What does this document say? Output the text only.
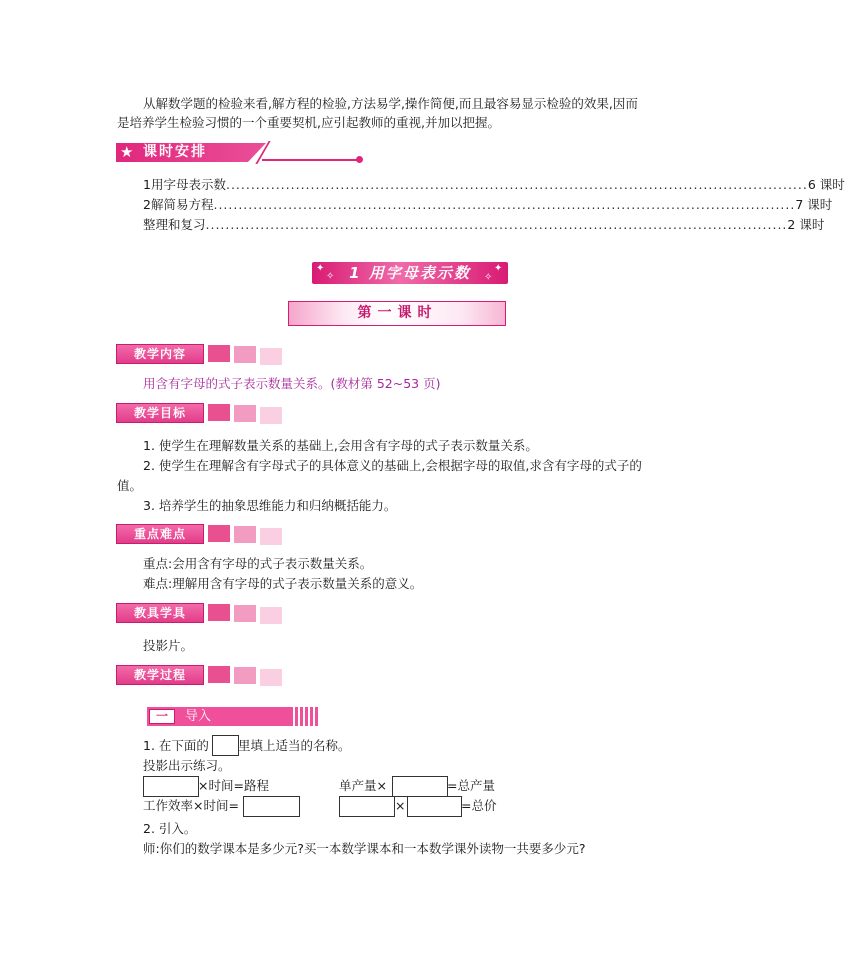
从解数学题的检验来看,解方程的检验,方法易学,操作简便,而且最容易显示检验的效果,因而

是培养学生检验习惯的一个重要契机,应引起教师的重视,并加以把握。

★ 课时安排
1 用字母表示数 ..................................................................................................................... 6 课时
2 解简易方程 ..................................................................................................................... 7 课时
整理和复习 ..................................................................................................................... 2 课时
1 用字母表示数
✦
✧
✦
✧
第一课时
教学内容

用含有字母的式子表示数量关系。(教材第 52~53 页)

教学目标

1. 使学生在理解数量关系的基础上,会用含有字母的式子表示数量关系。

2. 使学生在理解含有字母式子的具体意义的基础上,会根据字母的取值,求含有字母的式子的

值。

3. 培养学生的抽象思维能力和归纳概括能力。

重点难点

重点:会用含有字母的式子表示数量关系。

难点:理解用含有字母的式子表示数量关系的意义。

教具学具

投影片。

教学过程
一	导入

1. 在下面的 里填上适当的名称。

投影出示练习。

×时间=路程	单产量×	=总产量

工作效率×时间=	×	=总价

2. 引入。

师:你们的数学课本是多少元?买一本数学课本和一本数学课外读物一共要多少元?
